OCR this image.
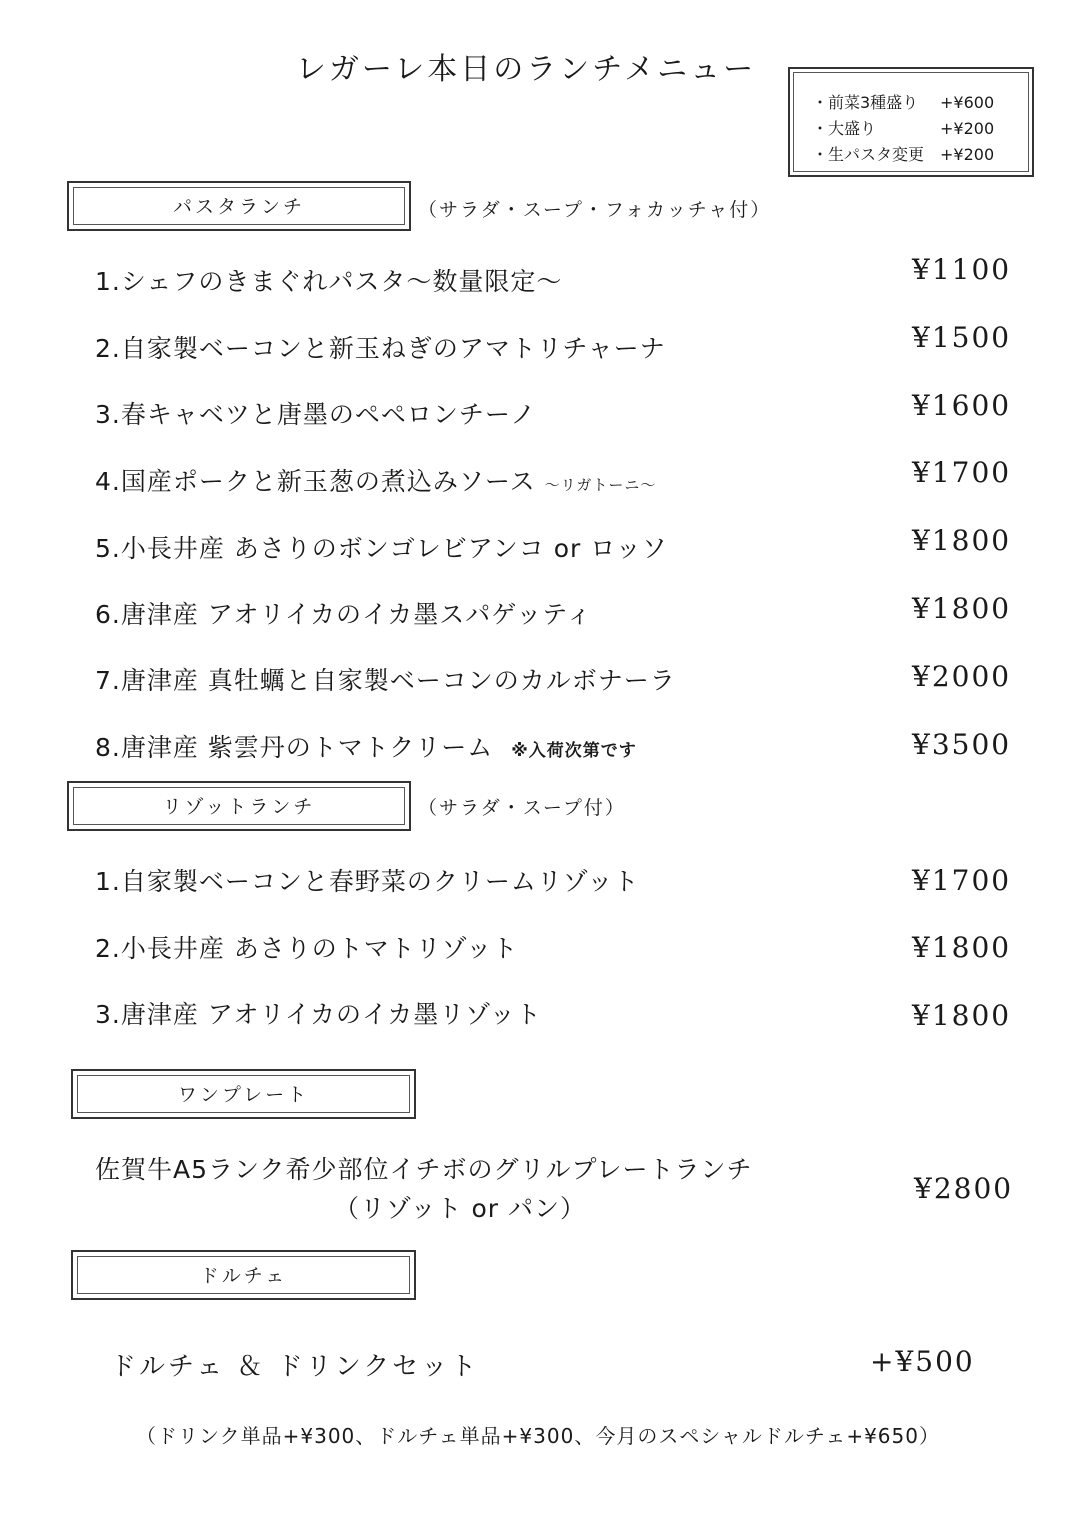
レガーレ本日のランチメニュー
・前菜3種盛り +¥600
・大盛り	+¥200
・生パスタ変更 +¥200
パスタランチ	（サラダ・スープ・フォカッチャ付）
1.シェフのきまぐれパスタ〜数量限定〜	¥1100
2.自家製ベーコンと新玉ねぎのアマトリチャーナ	¥1500
3.春キャベツと唐墨のペペロンチーノ	¥1600
4.国産ポークと新玉葱の煮込みソース 〜リガトーニ〜	¥1700
5.小長井産 あさりのボンゴレビアンコ or ロッソ	¥1800
6.唐津産 アオリイカのイカ墨スパゲッティ	¥1800
7.唐津産 真牡蠣と自家製ベーコンのカルボナーラ	¥2000
8.唐津産 紫雲丹のトマトクリーム ※入荷次第です	¥3500
リゾットランチ	（サラダ・スープ付）
1.自家製ベーコンと春野菜のクリームリゾット	¥1700
2.小長井産 あさりのトマトリゾット	¥1800
3.唐津産 アオリイカのイカ墨リゾット	¥1800
ワンプレート
佐賀牛A5ランク希少部位イチボのグリルプレートランチ
（リゾット or パン）
¥2800
ドルチェ
ドルチェ ＆ ドリンクセット	+¥500
（ドリンク単品+¥300、ドルチェ単品+¥300、今月のスペシャルドルチェ+¥650）
